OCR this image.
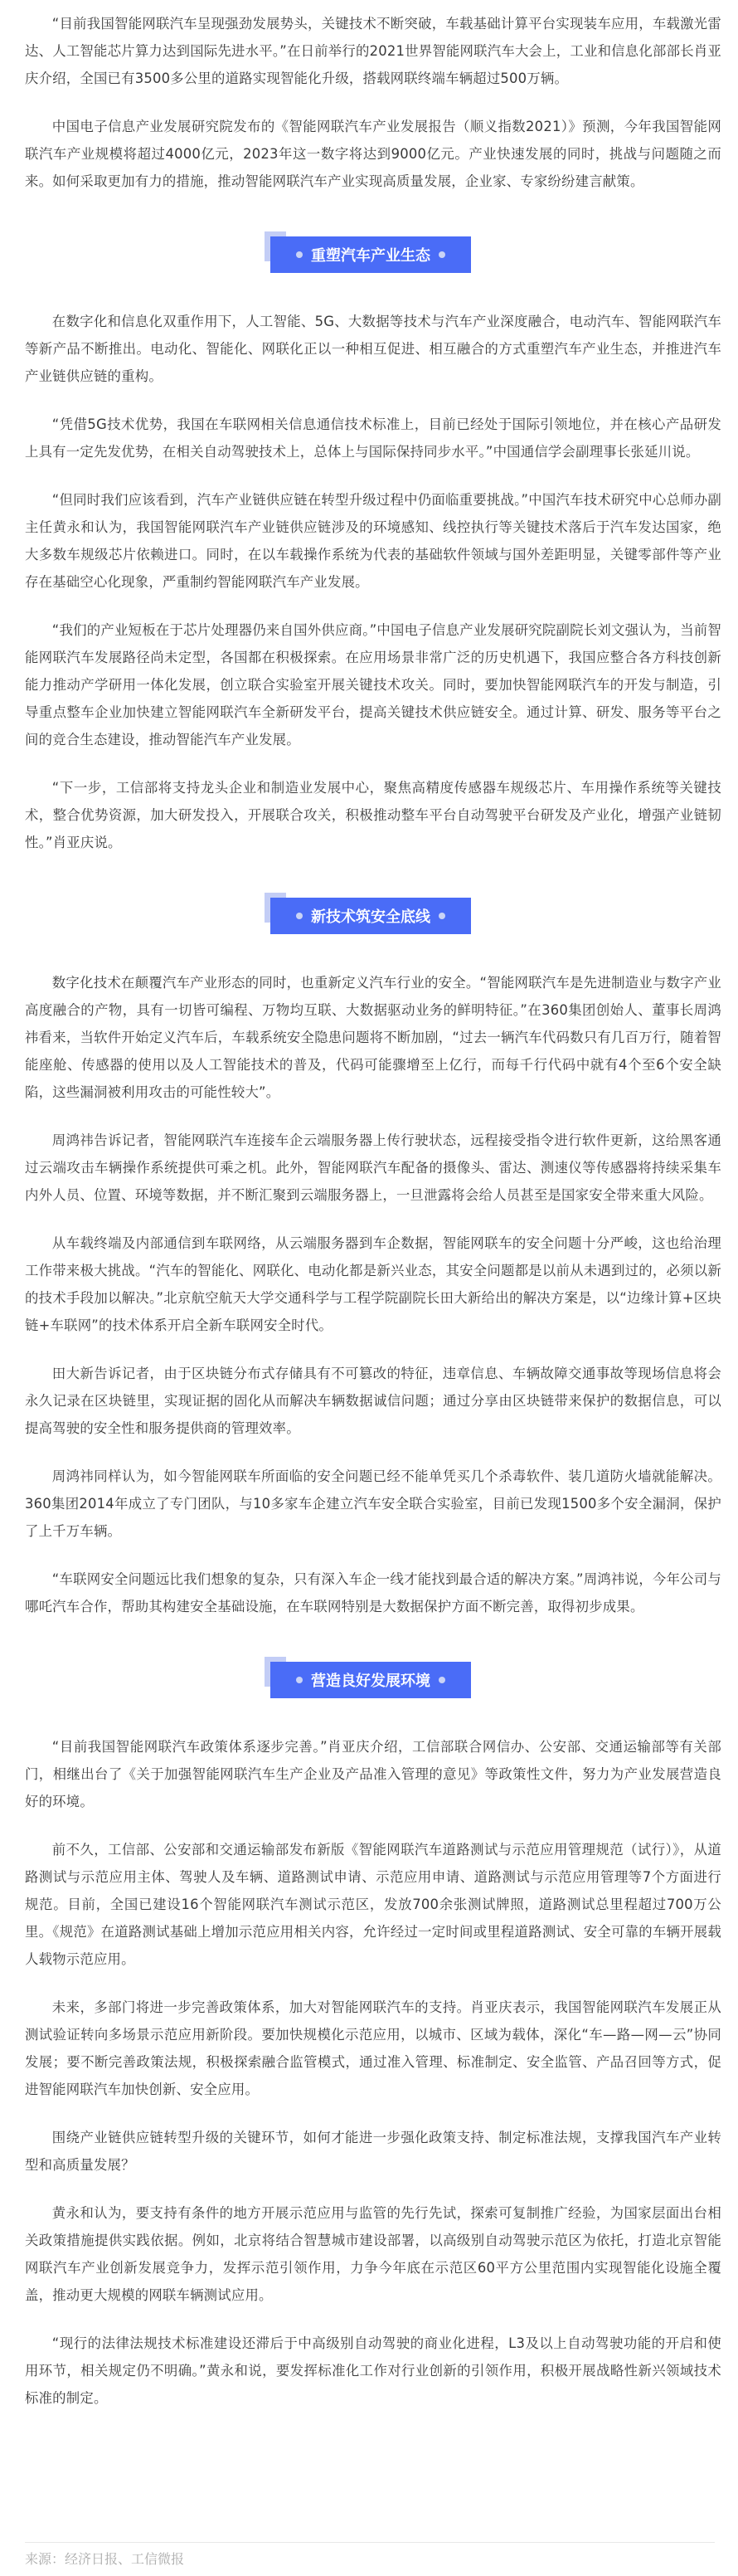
“目前我国智能网联汽车呈现强劲发展势头，关键技术不断突破，车载基础计算平台实现装车应用，车载激光雷达、人工智能芯片算力达到国际先进水平。”在日前举行的2021世界智能网联汽车大会上，工业和信息化部部长肖亚庆介绍，全国已有3500多公里的道路实现智能化升级，搭载网联终端车辆超过500万辆。

中国电子信息产业发展研究院发布的《智能网联汽车产业发展报告（顺义指数2021）》预测，今年我国智能网联汽车产业规模将超过4000亿元，2023年这一数字将达到9000亿元。产业快速发展的同时，挑战与问题随之而来。如何采取更加有力的措施，推动智能网联汽车产业实现高质量发展，企业家、专家纷纷建言献策。

重塑汽车产业生态

在数字化和信息化双重作用下，人工智能、5G、大数据等技术与汽车产业深度融合，电动汽车、智能网联汽车等新产品不断推出。电动化、智能化、网联化正以一种相互促进、相互融合的方式重塑汽车产业生态，并推进汽车产业链供应链的重构。

“凭借5G技术优势，我国在车联网相关信息通信技术标准上，目前已经处于国际引领地位，并在核心产品研发上具有一定先发优势，在相关自动驾驶技术上，总体上与国际保持同步水平。”中国通信学会副理事长张延川说。

“但同时我们应该看到，汽车产业链供应链在转型升级过程中仍面临重要挑战。”中国汽车技术研究中心总师办副主任黄永和认为，我国智能网联汽车产业链供应链涉及的环境感知、线控执行等关键技术落后于汽车发达国家，绝大多数车规级芯片依赖进口。同时，在以车载操作系统为代表的基础软件领域与国外差距明显，关键零部件等产业存在基础空心化现象，严重制约智能网联汽车产业发展。

“我们的产业短板在于芯片处理器仍来自国外供应商。”中国电子信息产业发展研究院副院长刘文强认为，当前智能网联汽车发展路径尚未定型，各国都在积极探索。在应用场景非常广泛的历史机遇下，我国应整合各方科技创新能力推动产学研用一体化发展，创立联合实验室开展关键技术攻关。同时，要加快智能网联汽车的开发与制造，引导重点整车企业加快建立智能网联汽车全新研发平台，提高关键技术供应链安全。通过计算、研发、服务等平台之间的竞合生态建设，推动智能汽车产业发展。

“下一步，工信部将支持龙头企业和制造业发展中心，聚焦高精度传感器车规级芯片、车用操作系统等关键技术，整合优势资源，加大研发投入，开展联合攻关，积极推动整车平台自动驾驶平台研发及产业化，增强产业链韧性。”肖亚庆说。

新技术筑安全底线

数字化技术在颠覆汽车产业形态的同时，也重新定义汽车行业的安全。“智能网联汽车是先进制造业与数字产业高度融合的产物，具有一切皆可编程、万物均互联、大数据驱动业务的鲜明特征。”在360集团创始人、董事长周鸿祎看来，当软件开始定义汽车后，车载系统安全隐患问题将不断加剧，“过去一辆汽车代码数只有几百万行，随着智能座舱、传感器的使用以及人工智能技术的普及，代码可能骤增至上亿行，而每千行代码中就有4个至6个安全缺陷，这些漏洞被利用攻击的可能性较大”。

周鸿祎告诉记者，智能网联汽车连接车企云端服务器上传行驶状态，远程接受指令进行软件更新，这给黑客通过云端攻击车辆操作系统提供可乘之机。此外，智能网联汽车配备的摄像头、雷达、测速仪等传感器将持续采集车内外人员、位置、环境等数据，并不断汇聚到云端服务器上，一旦泄露将会给人员甚至是国家安全带来重大风险。

从车载终端及内部通信到车联网络，从云端服务器到车企数据，智能网联车的安全问题十分严峻，这也给治理工作带来极大挑战。“汽车的智能化、网联化、电动化都是新兴业态，其安全问题都是以前从未遇到过的，必须以新的技术手段加以解决。”北京航空航天大学交通科学与工程学院副院长田大新给出的解决方案是，以“边缘计算+区块链+车联网”的技术体系开启全新车联网安全时代。

田大新告诉记者，由于区块链分布式存储具有不可篡改的特征，违章信息、车辆故障交通事故等现场信息将会永久记录在区块链里，实现证据的固化从而解决车辆数据诚信问题；通过分享由区块链带来保护的数据信息，可以提高驾驶的安全性和服务提供商的管理效率。

周鸿祎同样认为，如今智能网联车所面临的安全问题已经不能单凭买几个杀毒软件、装几道防火墙就能解决。360集团2014年成立了专门团队，与10多家车企建立汽车安全联合实验室，目前已发现1500多个安全漏洞，保护了上千万车辆。

“车联网安全问题远比我们想象的复杂，只有深入车企一线才能找到最合适的解决方案。”周鸿祎说，今年公司与哪吒汽车合作，帮助其构建安全基础设施，在车联网特别是大数据保护方面不断完善，取得初步成果。

营造良好发展环境

“目前我国智能网联汽车政策体系逐步完善。”肖亚庆介绍，工信部联合网信办、公安部、交通运输部等有关部门，相继出台了《关于加强智能网联汽车生产企业及产品准入管理的意见》等政策性文件，努力为产业发展营造良好的环境。

前不久，工信部、公安部和交通运输部发布新版《智能网联汽车道路测试与示范应用管理规范（试行）》，从道路测试与示范应用主体、驾驶人及车辆、道路测试申请、示范应用申请、道路测试与示范应用管理等7个方面进行规范。目前，全国已建设16个智能网联汽车测试示范区，发放700余张测试牌照，道路测试总里程超过700万公里。《规范》在道路测试基础上增加示范应用相关内容，允许经过一定时间或里程道路测试、安全可靠的车辆开展载人载物示范应用。

未来，多部门将进一步完善政策体系，加大对智能网联汽车的支持。肖亚庆表示，我国智能网联汽车发展正从测试验证转向多场景示范应用新阶段。要加快规模化示范应用，以城市、区域为载体，深化“车—路—网—云”协同发展；要不断完善政策法规，积极探索融合监管模式，通过准入管理、标准制定、安全监管、产品召回等方式，促进智能网联汽车加快创新、安全应用。

围绕产业链供应链转型升级的关键环节，如何才能进一步强化政策支持、制定标准法规，支撑我国汽车产业转型和高质量发展？

黄永和认为，要支持有条件的地方开展示范应用与监管的先行先试，探索可复制推广经验，为国家层面出台相关政策措施提供实践依据。例如，北京将结合智慧城市建设部署，以高级别自动驾驶示范区为依托，打造北京智能网联汽车产业创新发展竞争力，发挥示范引领作用，力争今年底在示范区60平方公里范围内实现智能化设施全覆盖，推动更大规模的网联车辆测试应用。

“现行的法律法规技术标准建设还滞后于中高级别自动驾驶的商业化进程，L3及以上自动驾驶功能的开启和使用环节，相关规定仍不明确。”黄永和说，要发挥标准化工作对行业创新的引领作用，积极开展战略性新兴领域技术标准的制定。

来源：经济日报、工信微报
